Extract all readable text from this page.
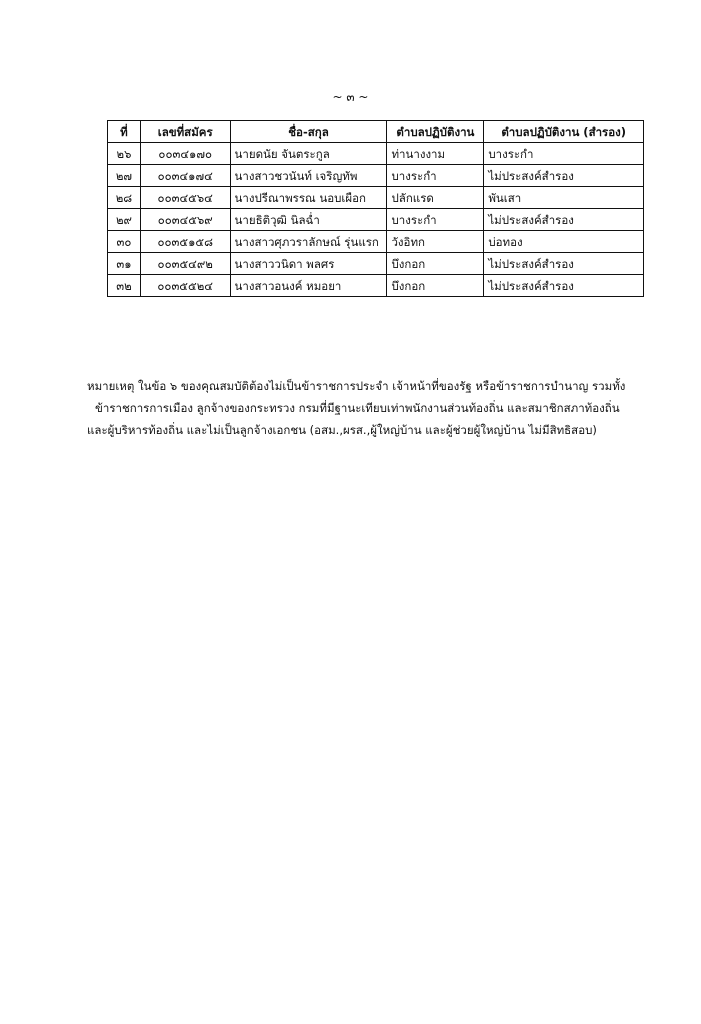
~ ๓ ~
ที่	เลขที่สมัคร	ชื่อ-สกุล	ตำบลปฏิบัติงาน	ตำบลปฏิบัติงาน (สำรอง)
๒๖	๐๐๓๔๑๗๐	นายดนัย จันตระกูล	ท่านางงาม	บางระกำ
๒๗	๐๐๓๔๑๗๔	นางสาวชวนันท์ เจริญทัพ	บางระกำ	ไม่ประสงค์สำรอง
๒๘	๐๐๓๔๕๖๔	นางปรีณาพรรณ นอบเผือก	ปลักแรด	พันเสา
๒๙	๐๐๓๔๕๖๙	นายธิติวุฒิ นิลฉ่ำ	บางระกำ	ไม่ประสงค์สำรอง
๓๐	๐๐๓๕๑๕๘	นางสาวศุภวราลักษณ์ รุ่นแรก	วังอิทก	บ่อทอง
๓๑	๐๐๓๕๔๙๒	นางสาววนิดา พลศร	บึงกอก	ไม่ประสงค์สำรอง
๓๒	๐๐๓๕๕๒๔	นางสาวอนงค์ หมอยา	บึงกอก	ไม่ประสงค์สำรอง

หมายเหตุ ในข้อ ๖ ของคุณสมบัติต้องไม่เป็นข้าราชการประจำ เจ้าหน้าที่ของรัฐ หรือข้าราชการบำนาญ รวมทั้ง

ข้าราชการการเมือง ลูกจ้างของกระทรวง กรมที่มีฐานะเทียบเท่าพนักงานส่วนท้องถิ่น และสมาชิกสภาท้องถิ่น

และผู้บริหารท้องถิ่น และไม่เป็นลูกจ้างเอกชน (อสม.,ผรส.,ผู้ใหญ่บ้าน และผู้ช่วยผู้ใหญ่บ้าน ไม่มีสิทธิสอบ)
